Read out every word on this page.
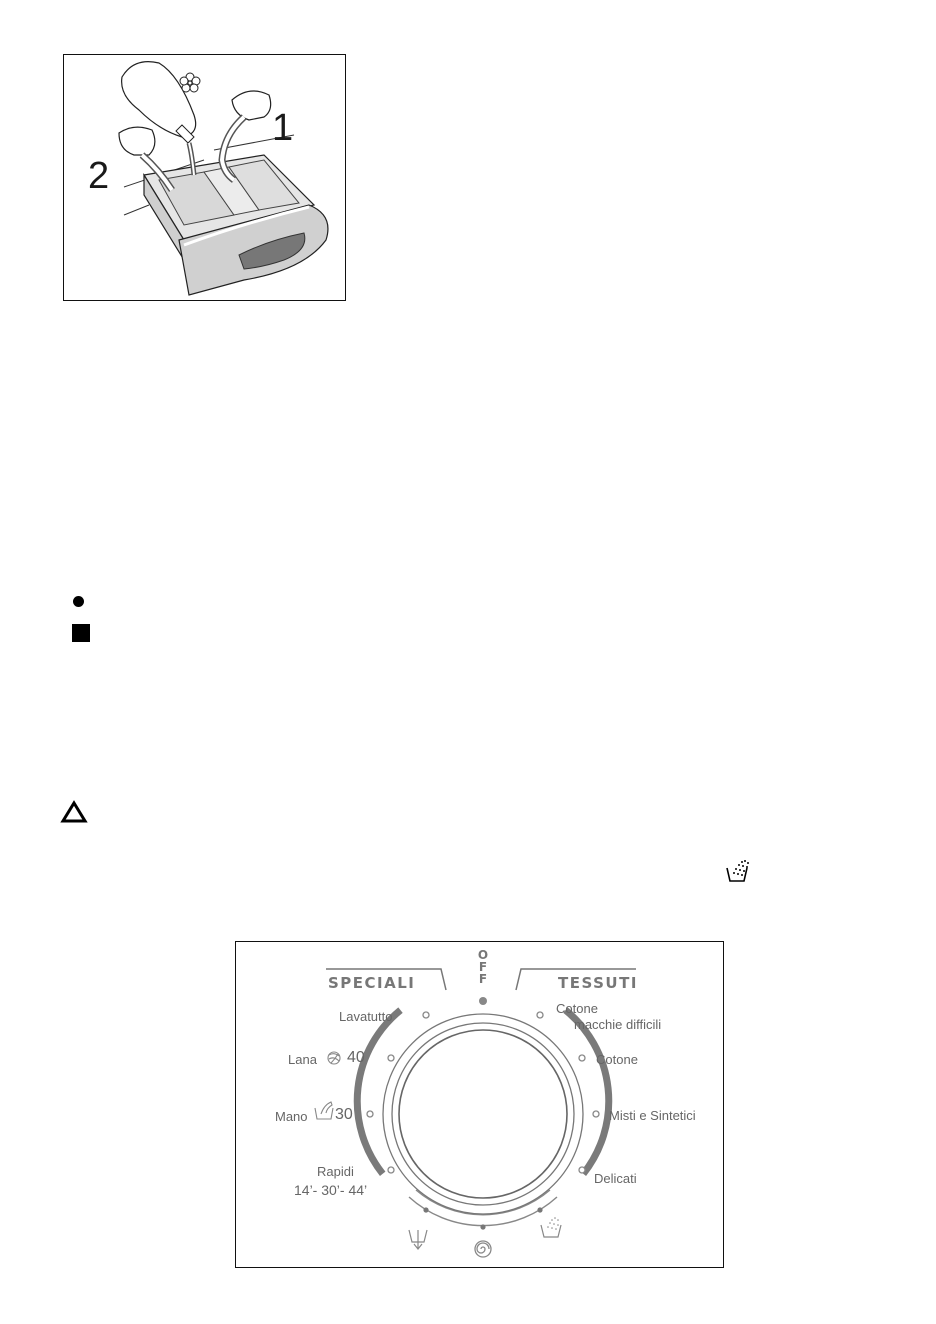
1
2
O
F
F
SPECIALI	TESSUTI
Lavatutto
Lana 40
Mano 30
Rapidi
14’- 30’- 44’
Cotone
macchie difficili
Cotone
Misti e Sintetici
Delicati
